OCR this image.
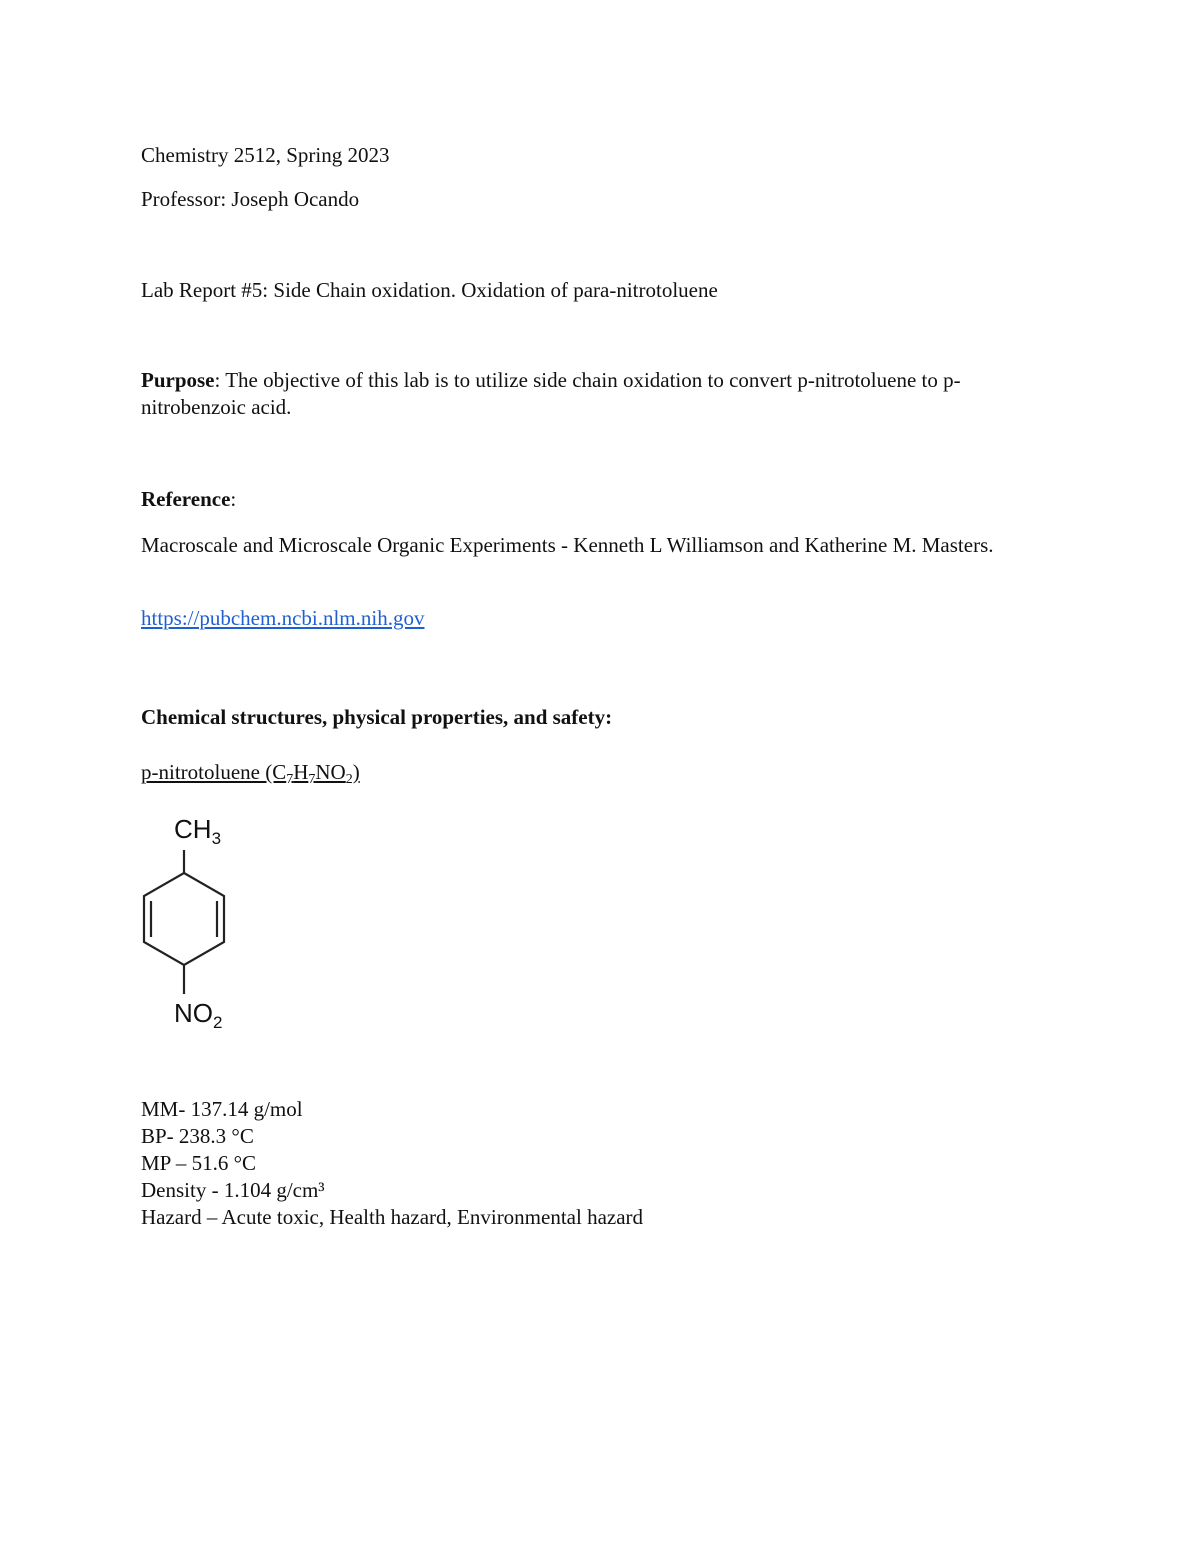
Chemistry 2512, Spring 2023
Professor: Joseph Ocando
Lab Report #5: Side Chain oxidation. Oxidation of para-nitrotoluene
Purpose: The objective of this lab is to utilize side chain oxidation to convert p-nitrotoluene to p-nitrobenzoic acid.
Reference:
Macroscale and Microscale Organic Experiments - Kenneth L Williamson and Katherine M. Masters.
https://pubchem.ncbi.nlm.nih.gov
Chemical structures, physical properties, and safety:
p-nitrotoluene $(C_7H_7NO_2)$
$CH_3$
$NO_2$
MM- 137.14 g/mol
BP- 238.3 °C
MP – 51.6 °C
Density - 1.104 g/cm³
Hazard – Acute toxic, Health hazard, Environmental hazard
